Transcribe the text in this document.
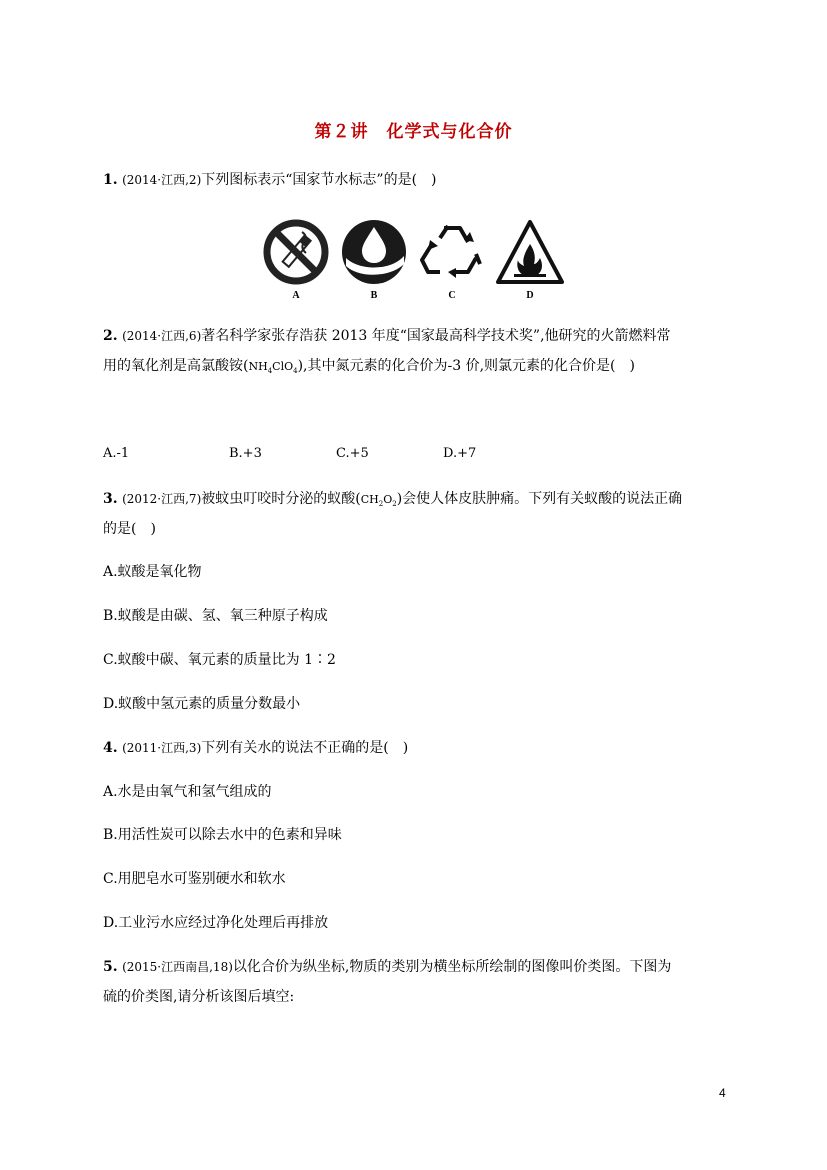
第２讲　化学式与化合价
1. (2014·江西,2)下列图标表示“国家节水标志”的是(　)
A	B	C	D
2. (2014·江西,6)著名科学家张存浩获 2013 年度“国家最高科学技术奖”,他研究的火箭燃料常
用的氧化剂是高氯酸铵$(NH_4ClO_4)$,其中氮元素的化合价为-3 价,则氯元素的化合价是(　)
A.-1	B.+3	C.+5	D.+7
3. (2012·江西,7)被蚊虫叮咬时分泌的蚁酸$(CH_2O_2)$会使人体皮肤肿痛。下列有关蚁酸的说法正确
的是(　)
A.蚁酸是氧化物
B.蚁酸是由碳、氢、氧三种原子构成
C.蚁酸中碳、氧元素的质量比为 1∶2
D.蚁酸中氢元素的质量分数最小
4. (2011·江西,3)下列有关水的说法不正确的是(　)
A.水是由氧气和氢气组成的
B.用活性炭可以除去水中的色素和异味
C.用肥皂水可鉴别硬水和软水
D.工业污水应经过净化处理后再排放
5. (2015·江西南昌,18)以化合价为纵坐标,物质的类别为横坐标所绘制的图像叫价类图。下图为
硫的价类图,请分析该图后填空:
4
